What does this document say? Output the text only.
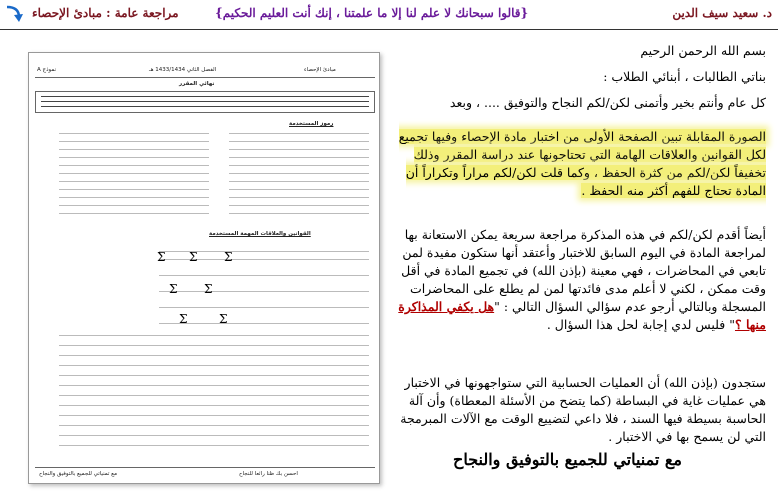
د. سعيد سيف الدين
{قالوا سبحانك لا علم لنا إلا ما علمتنا ، إنك أنت العليم الحكيم}
مراجعة عامة : مبادئ الإحصاء
مبادئ الإحصاء
الفصل الثاني 1433/1434 هـ
نموذج A
نهائي المقرر
رموز المستخدمة
القوانين والعلاقات المهمة المستخدمة
Σ Σ Σ
Σ Σ
Σ	Σ
مع تمنياتي للجميع بالتوفيق والنجاح	احسن بك ظنا رائعا للنجاح

بسم الله الرحمن الرحيم

بناتي الطالبات ، أبنائي الطلاب :

كل عام وأنتم بخير وأتمنى لكن/لكم النجاح والتوفيق .... ، وبعد

الصورة المقابلة تبين الصفحة الأولى من اختبار مادة الإحصاء وفيها تجميع لكل القوانين والعلاقات الهامة التي تحتاجونها عند دراسة المقرر وذلك تخفيفاً لكن/لكم من كثرة الحفظ ، وكما قلت لكن/لكم مراراً وتكراراً أن المادة تحتاج للفهم أكثر منه الحفظ .

أيضاً أقدم لكن/لكم في هذه المذكرة مراجعة سريعة يمكن الاستعانة بها لمراجعة المادة في اليوم السابق للاختبار وأعتقد أنها ستكون مفيدة لمن تابعي في المحاضرات ، فهي معينة (بإذن الله) في تجميع المادة في أقل وقت ممكن ، لكني لا أعلم مدى فائدتها لمن لم يطلع على المحاضرات المسجلة وبالتالي أرجو عدم سؤالي السؤال التالي : "هل يكفي المذاكرة منها ؟" فليس لدي إجابة لحل هذا السؤال .

ستجدون (بإذن الله) أن العمليات الحسابية التي ستواجهونها في الاختبار هي عمليات غاية في البساطة (كما يتضح من الأسئلة المعطاة) وأن آلة الحاسبة بسيطة فيها السند ، فلا داعي لتضييع الوقت مع الآلات المبرمجة التي لن يسمح بها في الاختبار .

مع تمنياتي للجميع بالتوفيق والنجاح
